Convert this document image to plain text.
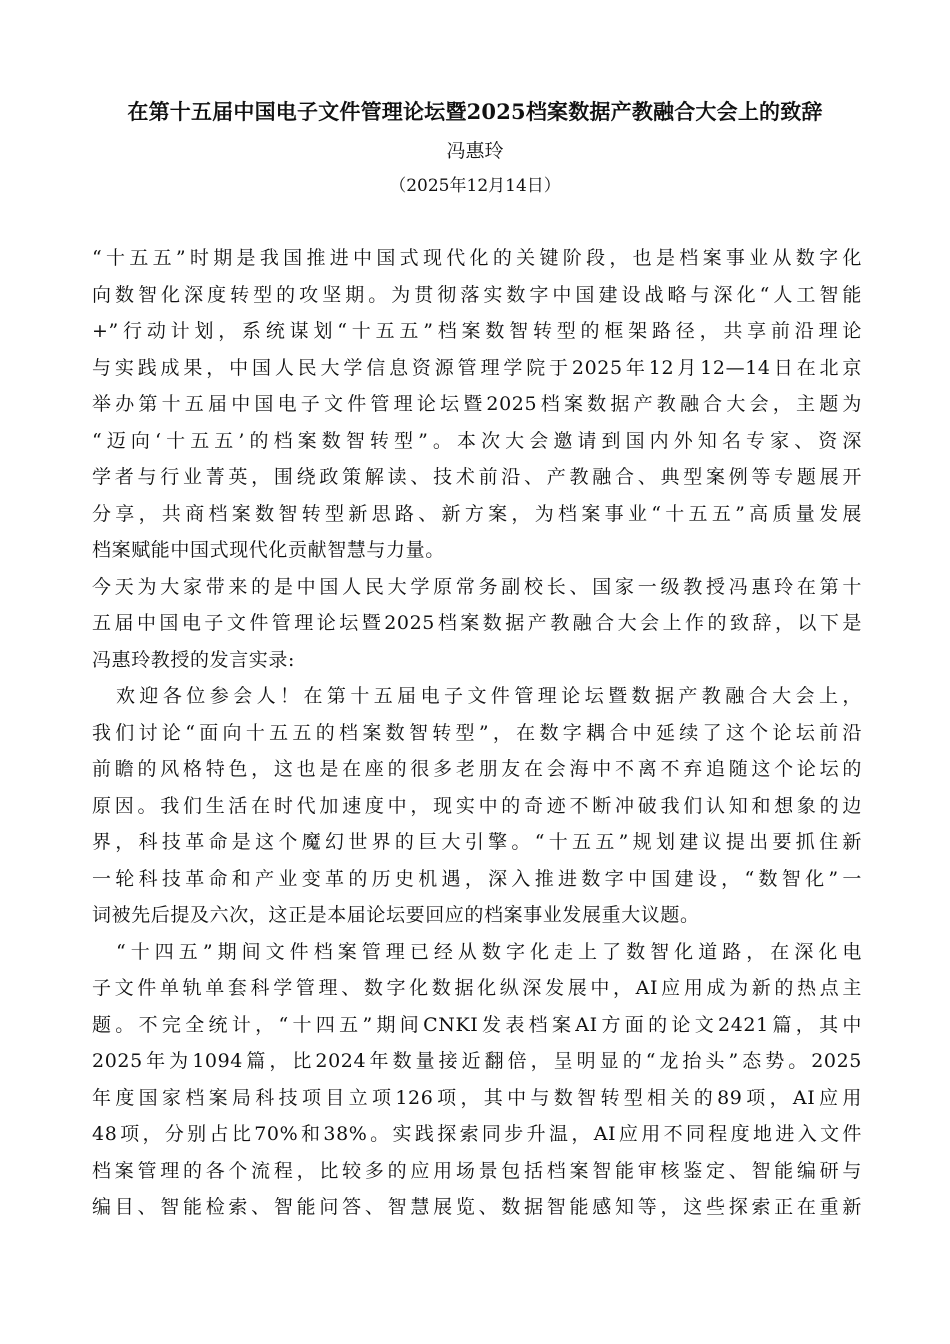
在第十五届中国电子文件管理论坛暨2025档案数据产教融合大会上的致辞
冯惠玲
（2025年12月14日）
“十五五”时期是我国推进中国式现代化的关键阶段，也是档案事业从数字化
向数智化深度转型的攻坚期。为贯彻落实数字中国建设战略与深化“人工智能
+”行动计划，系统谋划“十五五”档案数智转型的框架路径，共享前沿理论
与实践成果，中国人民大学信息资源管理学院于2025年12月12—14日在北京
举办第十五届中国电子文件管理论坛暨2025档案数据产教融合大会，主题为
“迈向‘十五五’的档案数智转型”。本次大会邀请到国内外知名专家、资深
学者与行业菁英，围绕政策解读、技术前沿、产教融合、典型案例等专题展开
分享，共商档案数智转型新思路、新方案，为档案事业“十五五”高质量发展
档案赋能中国式现代化贡献智慧与力量。
今天为大家带来的是中国人民大学原常务副校长、国家一级教授冯惠玲在第十
五届中国电子文件管理论坛暨2025档案数据产教融合大会上作的致辞，以下是
冯惠玲教授的发言实录:
欢迎各位参会人！在第十五届电子文件管理论坛暨数据产教融合大会上，
我们讨论“面向十五五的档案数智转型”，在数字耦合中延续了这个论坛前沿
前瞻的风格特色，这也是在座的很多老朋友在会海中不离不弃追随这个论坛的
原因。我们生活在时代加速度中，现实中的奇迹不断冲破我们认知和想象的边
界，科技革命是这个魔幻世界的巨大引擎。“十五五”规划建议提出要抓住新
一轮科技革命和产业变革的历史机遇，深入推进数字中国建设，“数智化”一
词被先后提及六次，这正是本届论坛要回应的档案事业发展重大议题。
“十四五”期间文件档案管理已经从数字化走上了数智化道路，在深化电
子文件单轨单套科学管理、数字化数据化纵深发展中，AI应用成为新的热点主
题。不完全统计，“十四五”期间CNKI发表档案AI方面的论文2421篇，其中
2025年为1094篇，比2024年数量接近翻倍，呈明显的“龙抬头”态势。2025
年度国家档案局科技项目立项126项，其中与数智转型相关的89项，AI应用
48项，分别占比70%和38%。实践探索同步升温，AI应用不同程度地进入文件
档案管理的各个流程，比较多的应用场景包括档案智能审核鉴定、智能编研与
编目、智能检索、智能问答、智慧展览、数据智能感知等，这些探索正在重新
